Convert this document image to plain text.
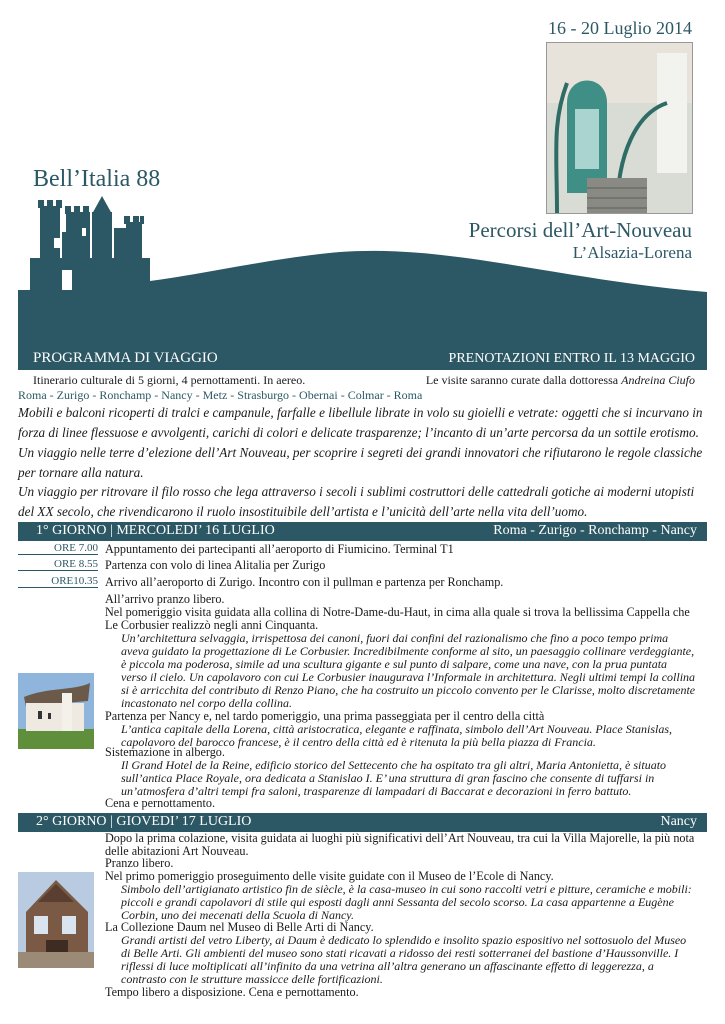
16 - 20 Luglio 2014
Bell’Italia 88
Percorsi dell’Art-Nouveau
L’Alsazia-Lorena
PROGRAMMA DI VIAGGIO	PRENOTAZIONI ENTRO IL 13 MAGGIO
Itinerario culturale di 5 giorni, 4 pernottamenti. In aereo.	Le visite saranno curate dalla dottoressa Andreina Ciufo
Roma - Zurigo - Ronchamp - Nancy - Metz - Strasburgo - Obernai - Colmar - Roma
Mobili e balconi ricoperti di tralci e campanule, farfalle e libellule librate in volo su gioielli e vetrate: oggetti che si incurvano in forza di linee flessuose e avvolgenti, carichi di colori e delicate trasparenze; l’incanto di un’arte percorsa da un sottile erotismo.
Un viaggio nelle terre d’elezione dell’Art Nouveau, per scoprire i segreti dei grandi innovatori che rifiutarono le regole classiche per tornare alla natura.
Un viaggio per ritrovare il filo rosso che lega attraverso i secoli i sublimi costruttori delle cattedrali gotiche ai moderni utopisti del XX secolo, che rivendicarono il ruolo insostituibile dell’artista e l’unicità dell’arte nella vita dell’uomo.
1° GIORNO | MERCOLEDI’ 16 LUGLIO	Roma - Zurigo - Ronchamp - Nancy
ORE 7.00 Appuntamento dei partecipanti all’aeroporto di Fiumicino. Terminal T1
ORE 8.55 Partenza con volo di linea Alitalia per Zurigo
ORE10.35 Arrivo all’aeroporto di Zurigo. Incontro con il pullman e partenza per Ronchamp.
All’arrivo pranzo libero.
Nel pomeriggio visita guidata alla collina di Notre-Dame-du-Haut, in cima alla quale si trova la bellissima Cappella che Le Corbusier realizzò negli anni Cinquanta.
Un’architettura selvaggia, irrispettosa dei canoni, fuori dai confini del razionalismo che fino a poco tempo prima aveva guidato la progettazione di Le Corbusier. Incredibilmente conforme al sito, un paesaggio collinare verdeggiante, è piccola ma poderosa, simile ad una scultura gigante e sul punto di salpare, come una nave, con la prua puntata verso il cielo. Un capolavoro con cui Le Corbusier inaugurava l’Informale in architettura. Negli ultimi tempi la collina si è arricchita del contributo di Renzo Piano, che ha costruito un piccolo convento per le Clarisse, molto discretamente incastonato nel corpo della collina.
Partenza per Nancy e, nel tardo pomeriggio, una prima passeggiata per il centro della città
L’antica capitale della Lorena, città aristocratica, elegante e raffinata, simbolo dell’Art Nouveau. Place Stanislas, capolavoro del barocco francese, è il centro della città ed è ritenuta la più bella piazza di Francia.
Sistemazione in albergo.
Il Grand Hotel de la Reine, edificio storico del Settecento che ha ospitato tra gli altri, Maria Antonietta, è situato sull’antica Place Royale, ora dedicata a Stanislao I. E’ una struttura di gran fascino che consente di tuffarsi in un’atmosfera d’altri tempi fra saloni, trasparenze di lampadari di Baccarat e decorazioni in ferro battuto.
Cena e pernottamento.
2° GIORNO | GIOVEDI’ 17 LUGLIO	Nancy
Dopo la prima colazione, visita guidata ai luoghi più significativi dell’Art Nouveau, tra cui la Villa Majorelle, la più nota delle abitazioni Art Nouveau.
Pranzo libero.
Nel primo pomeriggio proseguimento delle visite guidate con il Museo de l’Ecole di Nancy.
Simbolo dell’artigianato artistico fin de siècle, è la casa-museo in cui sono raccolti vetri e pitture, ceramiche e mobili: piccoli e grandi capolavori di stile qui esposti dagli anni Sessanta del secolo scorso. La casa appartenne a Eugène Corbin, uno dei mecenati della Scuola di Nancy.
La Collezione Daum nel Museo di Belle Arti di Nancy.
Grandi artisti del vetro Liberty, ai Daum è dedicato lo splendido e insolito spazio espositivo nel sottosuolo del Museo di Belle Arti. Gli ambienti del museo sono stati ricavati a ridosso dei resti sotterranei del bastione d’Haussonville. I riflessi di luce moltiplicati all’infinito da una vetrina all’altra generano un affascinante effetto di leggerezza, a contrasto con le strutture massicce delle fortificazioni.
Tempo libero a disposizione. Cena e pernottamento.
